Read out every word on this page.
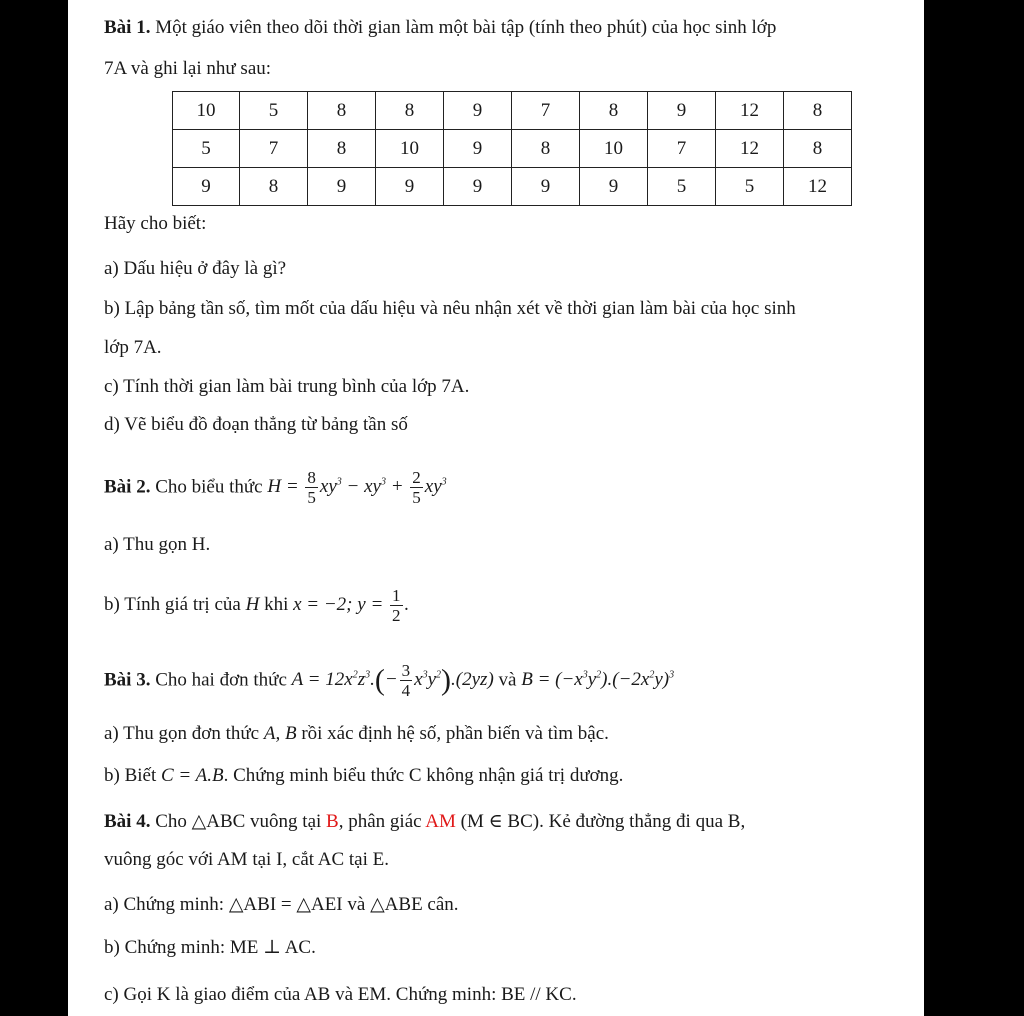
Bài 1. Một giáo viên theo dõi thời gian làm một bài tập (tính theo phút) của học sinh lớp
7A và ghi lại như sau:
10	5	8	8	9	7	8	9	12	8
5	7	8	10	9	8	10	7	12	8
9	8	9	9	9	9	9	5	5	12
Hãy cho biết:
a) Dấu hiệu ở đây là gì?
b) Lập bảng tần số, tìm mốt của dấu hiệu và nêu nhận xét về thời gian làm bài của học sinh
lớp 7A.
c) Tính thời gian làm bài trung bình của lớp 7A.
d) Vẽ biểu đồ đoạn thẳng từ bảng tần số
Bài 2. Cho biểu thức $H = \frac{8}{5} xy^3 - xy^3 + \frac{2}{5} xy^3$
a) Thu gọn H.
b) Tính giá trị của H khi x = −2; $y = \frac{1}{2}$ .
Bài 3. Cho hai đơn thức $A = 12x^2z^3.(- \frac{3}{4} x^3y^2).(2yz)$ và $B = (-x^3y^2).(-2x^2y)^3$
a) Thu gọn đơn thức A, B rồi xác định hệ số, phần biến và tìm bậc.
b) Biết C = A.B. Chứng minh biểu thức C không nhận giá trị dương.
Bài 4. Cho △ABC vuông tại B, phân giác AM (M ∈ BC). Kẻ đường thẳng đi qua B,
vuông góc với AM tại I, cắt AC tại E.
a) Chứng minh: △ABI = △AEI và △ABE cân.
b) Chứng minh: ME ⊥ AC.
c) Gọi K là giao điểm của AB và EM. Chứng minh: BE // KC.
